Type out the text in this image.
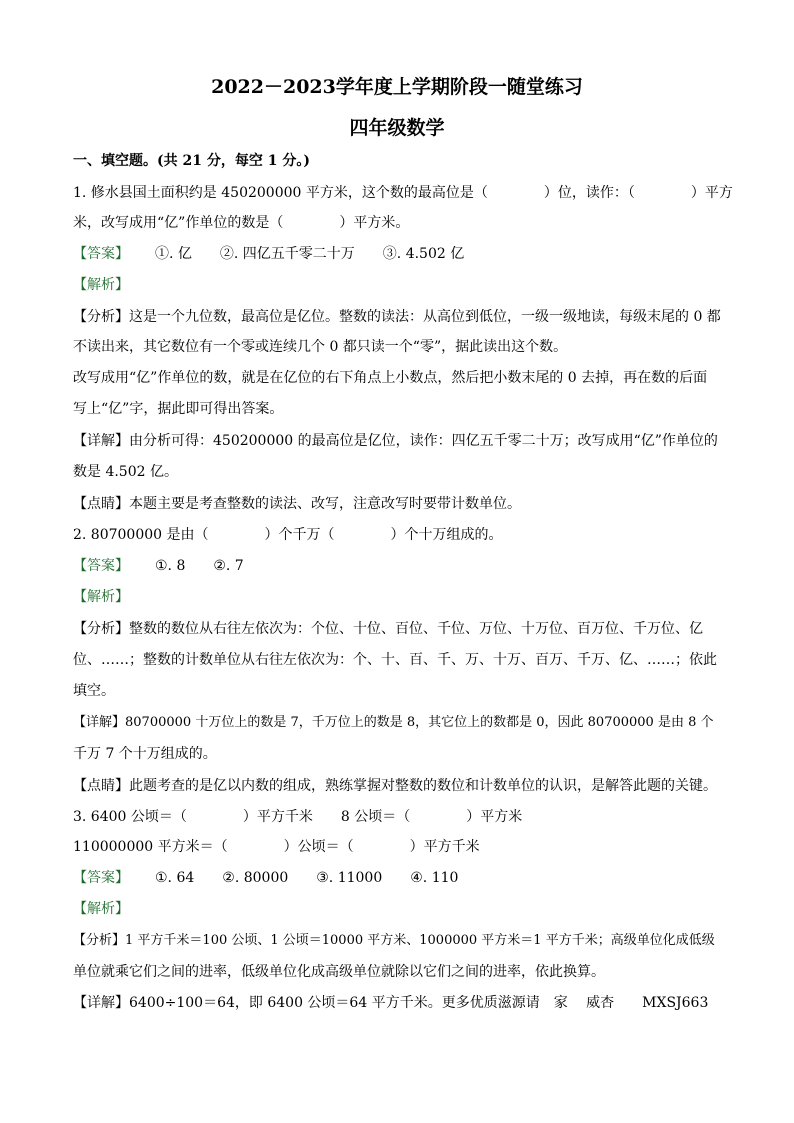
2022－2023学年度上学期阶段一随堂练习
四年级数学
一、填空题。(共 21 分，每空 1 分。)
1. 修水县国土面积约是 450200000 平方米，这个数的最高位是（　　　　）位，读作：（　　　　）平方
米，改写成用“亿”作单位的数是（　　　　）平方米。
【答案】 ①. 亿　　②. 四亿五千零二十万　　③. 4.502 亿
【解析】
【分析】这是一个九位数，最高位是亿位。整数的读法：从高位到低位，一级一级地读，每级末尾的 0 都
不读出来，其它数位有一个零或连续几个 0 都只读一个“零”，据此读出这个数。
改写成用“亿”作单位的数，就是在亿位的右下角点上小数点，然后把小数末尾的 0 去掉，再在数的后面
写上“亿”字，据此即可得出答案。
【详解】由分析可得：450200000 的最高位是亿位，读作：四亿五千零二十万；改写成用“亿”作单位的
数是 4.502 亿。
【点睛】本题主要是考查整数的读法、改写，注意改写时要带计数单位。
2. 80700000 是由（　　　　）个千万（　　　　）个十万组成的。
【答案】 ①. 8　　②. 7
【解析】
【分析】整数的数位从右往左依次为：个位、十位、百位、千位、万位、十万位、百万位、千万位、亿
位、……；整数的计数单位从右往左依次为：个、十、百、千、万、十万、百万、千万、亿、……；依此
填空。
【详解】80700000 十万位上的数是 7，千万位上的数是 8，其它位上的数都是 0，因此 80700000 是由 8 个
千万 7 个十万组成的。
【点睛】此题考查的是亿以内数的组成，熟练掌握对整数的数位和计数单位的认识，是解答此题的关键。
3. 6400 公顷＝（　　　　）平方千米　　8 公顷＝（　　　　）平方米
110000000 平方米＝（　　　　）公顷＝（　　　　）平方千米
【答案】 ①. 64　　②. 80000　　③. 11000　　④. 110
【解析】
【分析】1 平方千米＝100 公顷、1 公顷＝10000 平方米、1000000 平方米＝1 平方千米；高级单位化成低级
单位就乘它们之间的进率，低级单位化成高级单位就除以它们之间的进率，依此换算。
【详解】6400÷100＝64，即 6400 公顷＝64 平方千米。更多优质滋源请　家　 威杏　　MXSJ663
